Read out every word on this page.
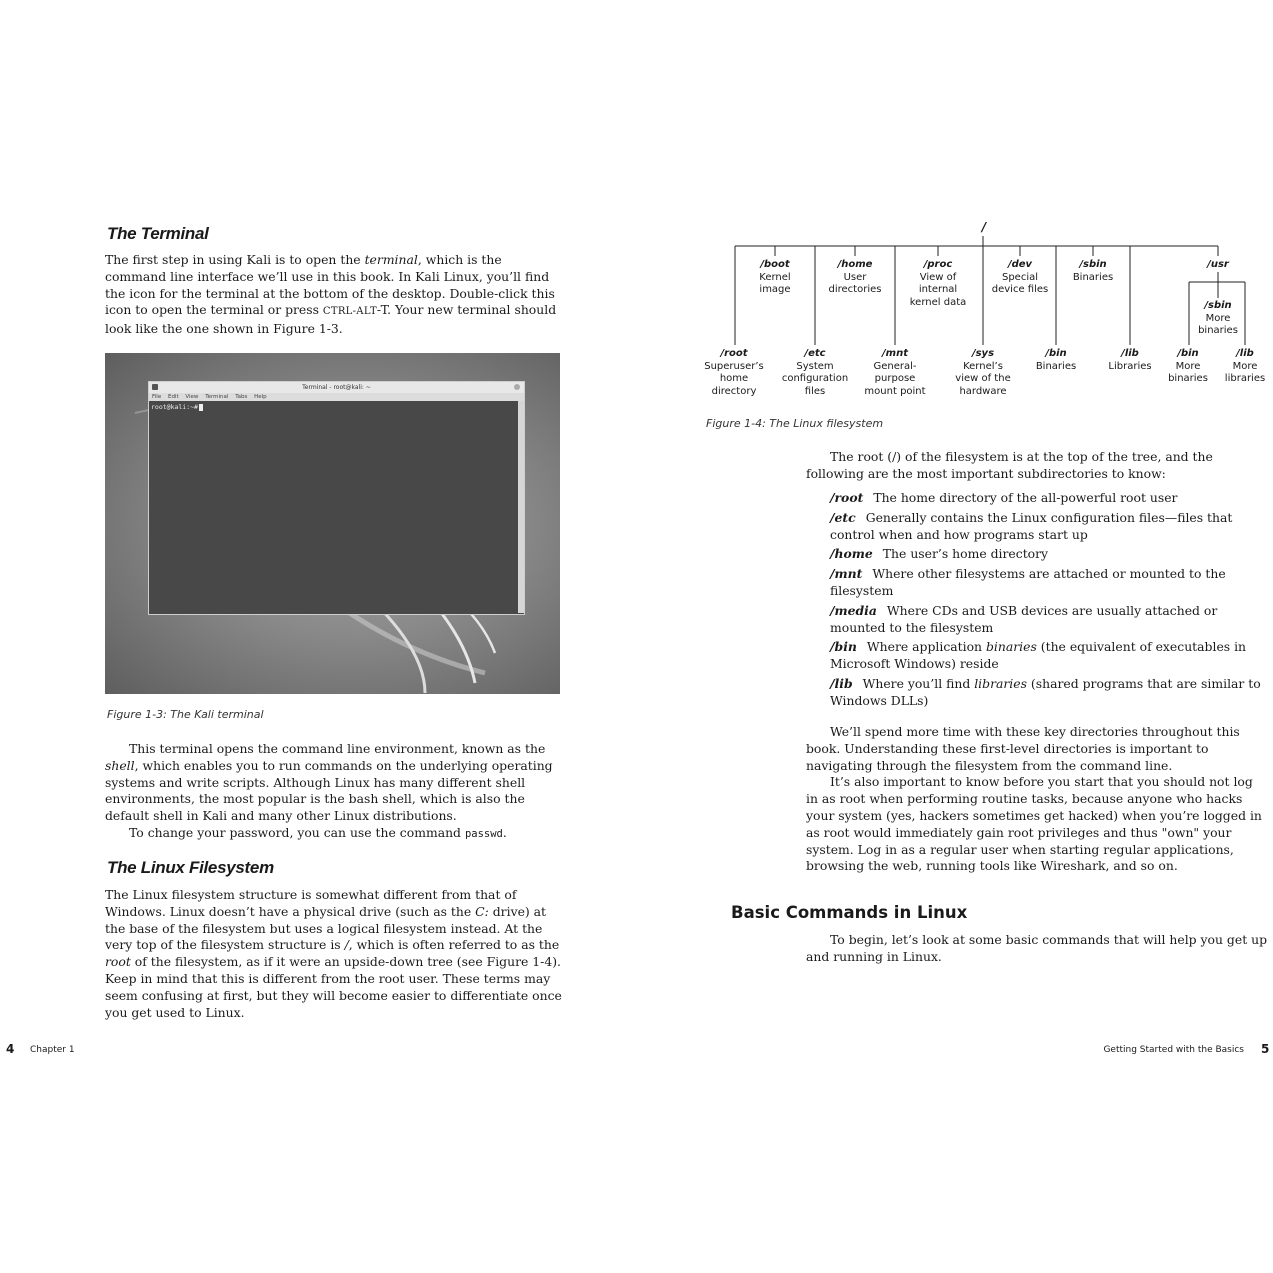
The Terminal

The first step in using Kali is to open the terminal, which is the command line interface we’ll use in this book. In Kali Linux, you’ll find the icon for the terminal at the bottom of the desktop. Double-click this icon to open the terminal or press CTRL-ALT-T. Your new terminal should look like the one shown in Figure 1-3.

Terminal - root@kali: ~
File Edit View Terminal Tabs Help
root@kali:~#
Figure 1-3: The Kali terminal

This terminal opens the command line environment, known as the shell, which enables you to run commands on the underlying operating systems and write scripts. Although Linux has many different shell environments, the most popular is the bash shell, which is also the default shell in Kali and many other Linux distributions.

To change your password, you can use the command passwd.

The Linux Filesystem

The Linux filesystem structure is somewhat different from that of Windows. Linux doesn’t have a physical drive (such as the C: drive) at the base of the filesystem but uses a logical filesystem instead. At the very top of the filesystem structure is /, which is often referred to as the root of the filesystem, as if it were an upside-down tree (see Figure 1-4). Keep in mind that this is different from the root user. These terms may seem confusing at first, but they will become easier to differentiate once you get used to Linux.

4 Chapter 1
/
/boot
Kernel
image
/home
User
directories
/proc
View of
internal
kernel data
/dev
Special
device files
/sbin
Binaries
/usr
/sbin
More
binaries
/root
Superuser’s
home
directory
/etc
System
configuration
files
/mnt
General-
purpose
mount point
/sys
Kernel’s
view of the
hardware
/bin
Binaries
/lib
Libraries
/bin
More
binaries
/lib
More
libraries
Figure 1-4: The Linux filesystem

The root (/) of the filesystem is at the top of the tree, and the following are the most important subdirectories to know:

/root The home directory of the all-powerful root user
/etc Generally contains the Linux configuration files—files that control when and how programs start up
/home The user’s home directory
/mnt Where other filesystems are attached or mounted to the filesystem
/media Where CDs and USB devices are usually attached or mounted to the filesystem
/bin Where application binaries (the equivalent of executables in Microsoft Windows) reside
/lib Where you’ll find libraries (shared programs that are similar to Windows DLLs)

We’ll spend more time with these key directories throughout this book. Understanding these first-level directories is important to navigating through the filesystem from the command line.

It’s also important to know before you start that you should not log in as root when performing routine tasks, because anyone who hacks your system (yes, hackers sometimes get hacked) when you’re logged in as root would immediately gain root privileges and thus "own" your system. Log in as a regular user when starting regular applications, browsing the web, running tools like Wireshark, and so on.

Basic Commands in Linux

To begin, let’s look at some basic commands that will help you get up and running in Linux.

Getting Started with the Basics 5
